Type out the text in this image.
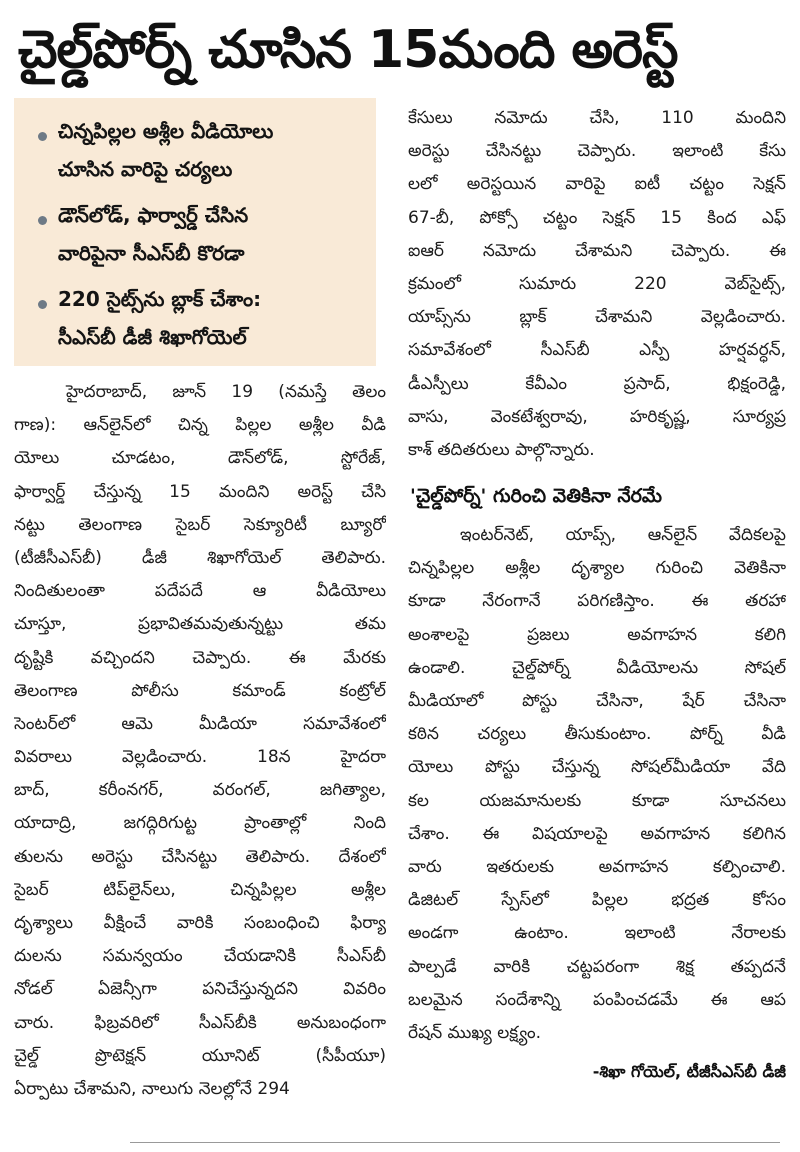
చైల్డ్‌పోర్న్ చూసిన 15మంది అరెస్ట్
చిన్నపిల్లల అశ్లీల వీడియోలు
చూసిన వారిపై చర్యలు
డౌన్‌లోడ్, ఫార్వార్డ్ చేసిన
వారిపైనా సీఎస్‌బీ కొరడా
220 సైట్స్‌ను బ్లాక్ చేశాం:
సీఎస్‌బీ డీజీ శిఖాగోయెల్
హైదరాబాద్, జూన్ 19 (నమస్తే తెలం
గాణ): ఆన్‌లైన్‌లో చిన్న పిల్లల అశ్లీల వీడి
యోలు చూడటం, డౌన్‌లోడ్, స్టోరేజ్,
ఫార్వార్డ్ చేస్తున్న 15 మందిని అరెస్ట్ చేసి
నట్టు తెలంగాణ సైబర్ సెక్యూరిటీ బ్యూరో
(టీజీసీఎస్‌బీ) డీజీ శిఖాగోయెల్ తెలిపారు.
నిందితులంతా పదేపదే ఆ వీడియోలు
చూస్తూ, ప్రభావితమవుతున్నట్టు తమ
దృష్టికి వచ్చిందని చెప్పారు. ఈ మేరకు
తెలంగాణ పోలీసు కమాండ్ కంట్రోల్
సెంటర్‌లో ఆమె మీడియా సమావేశంలో
వివరాలు వెల్లడించారు. 18న హైదరా
బాద్, కరీంనగర్, వరంగల్, జగిత్యాల,
యాదాద్రి, జగద్గిరిగుట్ట ప్రాంతాల్లో నింది
తులను అరెస్టు చేసినట్టు తెలిపారు. దేశంలో
సైబర్ టిప్‌లైన్‌లు, చిన్నపిల్లల అశ్లీల
దృశ్యాలు వీక్షించే వారికి సంబంధించి ఫిర్యా
దులను సమన్వయం చేయడానికి సీఎస్‌బీ
నోడల్ ఏజెన్సీగా పనిచేస్తున్నదని వివరిం
చారు. ఫిబ్రవరిలో సీఎస్‌బీకి అనుబంధంగా
చైల్డ్ ప్రొటెక్షన్ యూనిట్ (సీపీయూ)
ఏర్పాటు చేశామని, నాలుగు నెలల్లోనే 294
కేసులు నమోదు చేసి, 110 మందిని
అరెస్టు చేసినట్టు చెప్పారు. ఇలాంటి కేసు
లలో అరెస్టయిన వారిపై ఐటీ చట్టం సెక్షన్
67-బీ, పోక్సో చట్టం సెక్షన్ 15 కింద ఎఫ్
ఐఆర్ నమోదు చేశామని చెప్పారు. ఈ
క్రమంలో సుమారు 220 వెబ్‌సైట్స్,
యాప్స్‌ను బ్లాక్ చేశామని వెల్లడించారు.
సమావేశంలో సీఎస్‌బీ ఎస్పీ హర్షవర్ధన్,
డీఎస్పీలు కేవీఎం ప్రసాద్, భిక్షంరెడ్డి,
వాసు, వెంకటేశ్వరావు, హరికృష్ణ, సూర్యప్ర
కాశ్ తదితరులు పాల్గొన్నారు.
'చైల్డ్‌పోర్న్' గురించి వెతికినా నేరమే
ఇంటర్‌నెట్, యాప్స్, ఆన్‌లైన్ వేదికలపై
చిన్నపిల్లల అశ్లీల దృశ్యాల గురించి వెతికినా
కూడా నేరంగానే పరిగణిస్తాం. ఈ తరహా
అంశాలపై ప్రజలు అవగాహన కలిగి
ఉండాలి. చైల్డ్‌పోర్న్ వీడియోలను సోషల్
మీడియాలో పోస్టు చేసినా, షేర్ చేసినా
కఠిన చర్యలు తీసుకుంటాం. పోర్న్ వీడి
యోలు పోస్టు చేస్తున్న సోషల్‌మీడియా వేది
కల యజమానులకు కూడా సూచనలు
చేశాం. ఈ విషయాలపై అవగాహన కలిగిన
వారు ఇతరులకు అవగాహన కల్పించాలి.
డిజిటల్ స్పేస్‌లో పిల్లల భద్రత కోసం
అండగా ఉంటాం. ఇలాంటి నేరాలకు
పాల్పడే వారికి చట్టపరంగా శిక్ష తప్పదనే
బలమైన సందేశాన్ని పంపించడమే ఈ ఆప
రేషన్ ముఖ్య లక్ష్యం.
-శిఖా గోయెల్, టీజీసీఎస్‌బీ డీజీ
